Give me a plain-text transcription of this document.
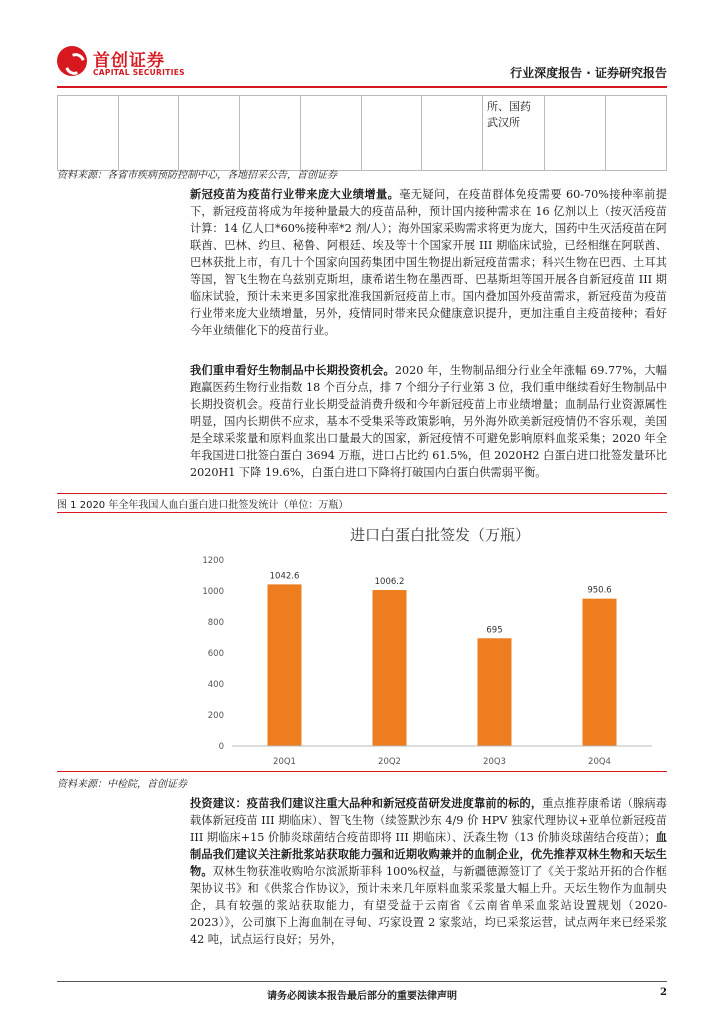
首创证券
CAPITAL SECURITIES	行业深度报告 · 证券研究报告
							所、国药武汉所		
资料来源：各省市疾病预防控制中心，各地招采公告，首创证券

新冠疫苗为疫苗行业带来庞大业绩增量。毫无疑问，在疫苗群体免疫需要 60-70%接种率前提下，新冠疫苗将成为年接种量最大的疫苗品种，预计国内接种需求在 16 亿剂以上（按灭活疫苗计算：14 亿人口*60%接种率*2 剂/人）；海外国家采购需求将更为庞大，国药中生灭活疫苗在阿联酋、巴林、约旦、秘鲁、阿根廷、埃及等十个国家开展 III 期临床试验，已经相继在阿联酋、巴林获批上市，有几十个国家向国药集团中国生物提出新冠疫苗需求；科兴生物在巴西、土耳其等国，智飞生物在乌兹别克斯坦，康希诺生物在墨西哥、巴基斯坦等国开展各自新冠疫苗 III 期临床试验，预计未来更多国家批准我国新冠疫苗上市。国内叠加国外疫苗需求，新冠疫苗为疫苗行业带来庞大业绩增量，另外，疫情同时带来民众健康意识提升，更加注重自主疫苗接种；看好今年业绩催化下的疫苗行业。

我们重申看好生物制品中长期投资机会。2020 年，生物制品细分行业全年涨幅 69.77%，大幅跑赢医药生物行业指数 18 个百分点，排 7 个细分子行业第 3 位，我们重申继续看好生物制品中长期投资机会。疫苗行业长期受益消费升级和今年新冠疫苗上市业绩增量；血制品行业资源属性明显，国内长期供不应求，基本不受集采等政策影响，另外海外欧美新冠疫情仍不容乐观，美国是全球采浆量和原料血浆出口量最大的国家，新冠疫情不可避免影响原料血浆采集；2020 年全年我国进口批签白蛋白 3694 万瓶，进口占比约 61.5%，但 2020H2 白蛋白进口批签发量环比 2020H1 下降 19.6%，白蛋白进口下降将打破国内白蛋白供需弱平衡。

图 1 2020 年全年我国人血白蛋白进口批签发统计（单位：万瓶）
进口白蛋白批签发（万瓶）
0
200
400
600
800
1000
1200
1042.6
1006.2
695
950.6
20Q1	20Q2	20Q3	20Q4
资料来源：中检院，首创证券

投资建议：疫苗我们建议注重大品种和新冠疫苗研发进度靠前的标的，重点推荐康希诺（腺病毒载体新冠疫苗 III 期临床）、智飞生物（续签默沙东 4/9 价 HPV 独家代理协议+亚单位新冠疫苗 III 期临床+15 价肺炎球菌结合疫苗即将 III 期临床）、沃森生物（13 价肺炎球菌结合疫苗）；血制品我们建议关注新批浆站获取能力强和近期收购兼并的血制企业，优先推荐双林生物和天坛生物。双林生物获准收购哈尔滨派斯菲科 100%权益，与新疆德源签订了《关于浆站开拓的合作框架协议书》和《供浆合作协议》，预计未来几年原料血浆采浆量大幅上升。天坛生物作为血制央企，具有较强的浆站获取能力，有望受益于云南省《云南省单采血浆站设置规划（2020-2023）》，公司旗下上海血制在寻甸、巧家设置 2 家浆站，均已采浆运营，试点两年来已经采浆 42 吨，试点运行良好；另外，

请务必阅读本报告最后部分的重要法律声明	2
